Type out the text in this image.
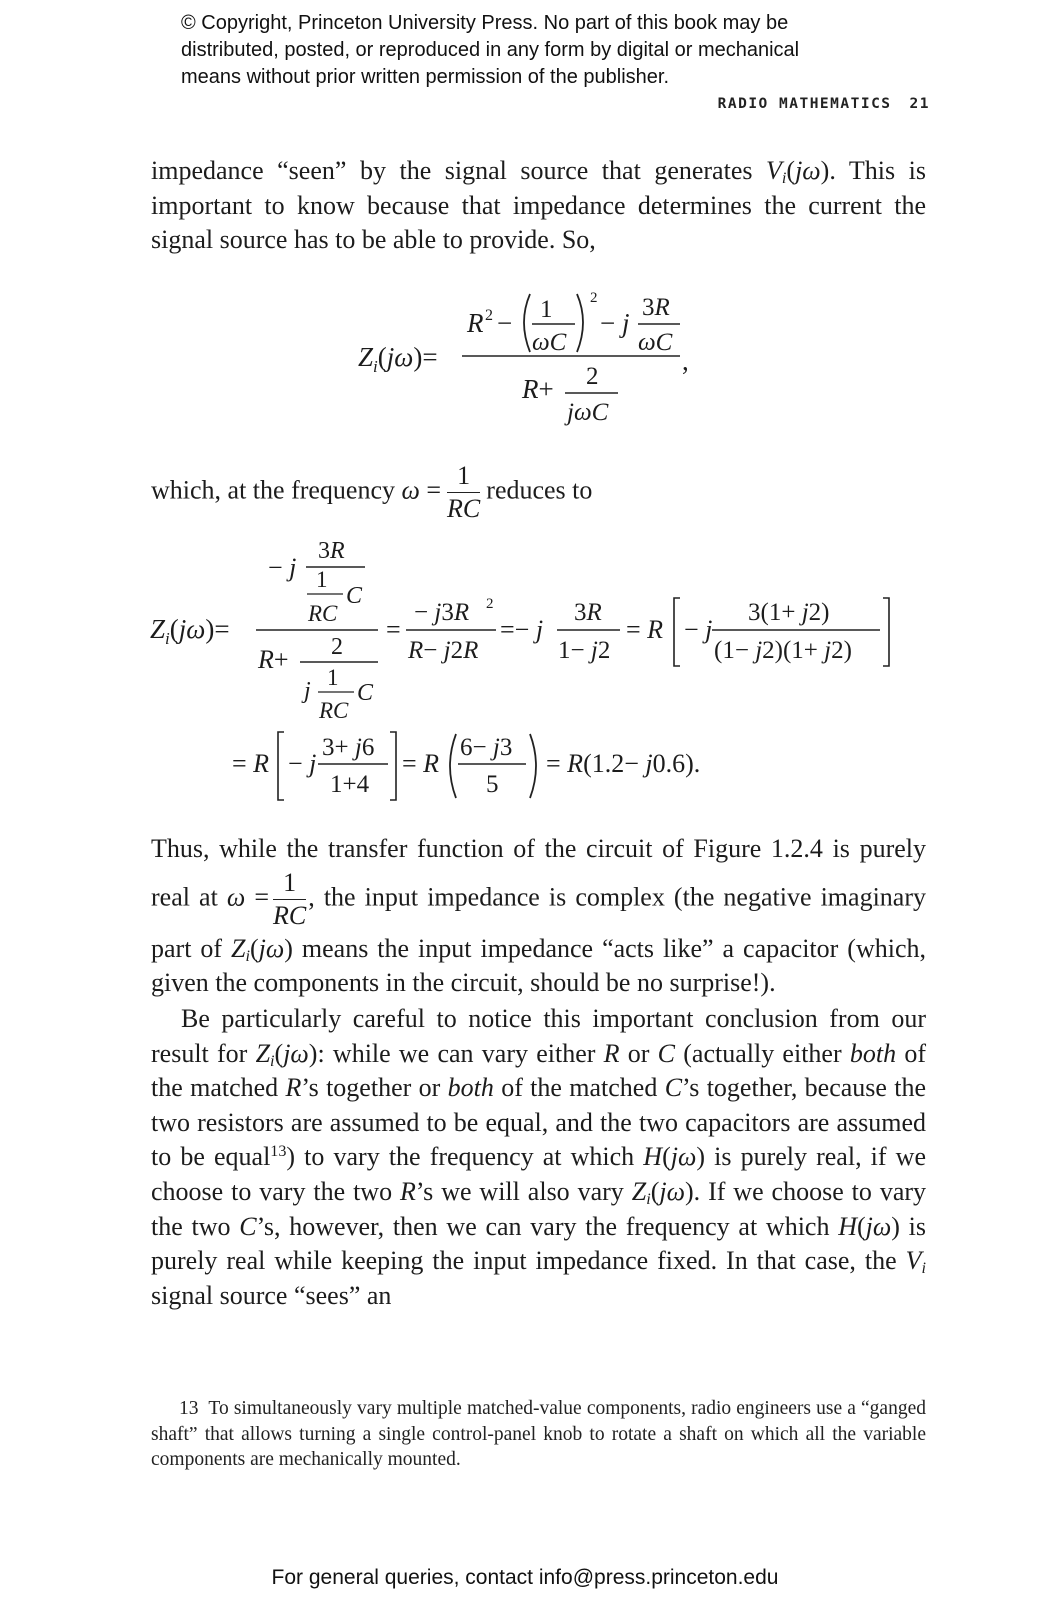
© Copyright, Princeton University Press. No part of this book may be
distributed, posted, or reproduced in any form by digital or mechanical
means without prior written permission of the publisher.
RADIO MATHEMATICS 21
impedance “seen” by the signal source that generates $V_i(j\omega)$. This is important to know because that impedance determines the current the signal source has to be able to provide. So,
$Z_i(j\omega)=$
R 2 − 1
ωC
2
− j
3R
ωC
,
R+ 2
jωC
which, at the frequency $\omega = \frac{1}{RC}$ reduces to
$Z_i(j\omega)=$
− j
3R
1
RC
C
R+ 2
j
1
RC
C
=
− j3R 2
R− j2R
=− j
3R
1− j2
= R − j
3(1+ j2)
(1− j2)(1+ j2)
= R − j
3+ j6
1+4
= R
6− j3
5
= R(1.2− j0.6).
Thus, while the transfer function of the circuit of Figure 1.2.4 is purely real at $\omega = \frac{1}{RC}$ , the input impedance is complex (the negative imaginary part of $Z_i(j\omega)$ means the input impedance “acts like” a capacitor (which, given the components in the circuit, should be no surprise!).
Be particularly careful to notice this important conclusion from our result for $Z_i(j\omega)$: while we can vary either R or C (actually either both of the matched R’s together or both of the matched C’s together, because the two resistors are assumed to be equal, and the two capacitors are assumed to be equal$^{13}$) to vary the frequency at which H(jω) is purely real, if we choose to vary the two R’s we will also vary $Z_i(j\omega)$. If we choose to vary the two C’s, however, then we can vary the frequency at which H(jω) is purely real while keeping the input impedance fixed. In that case, the $V_i$ signal source “sees” an
13 To simultaneously vary multiple matched-value components, radio engineers use a “ganged shaft” that allows turning a single control-panel knob to rotate a shaft on which all the variable components are mechanically mounted.
For general queries, contact info@press.princeton.edu
